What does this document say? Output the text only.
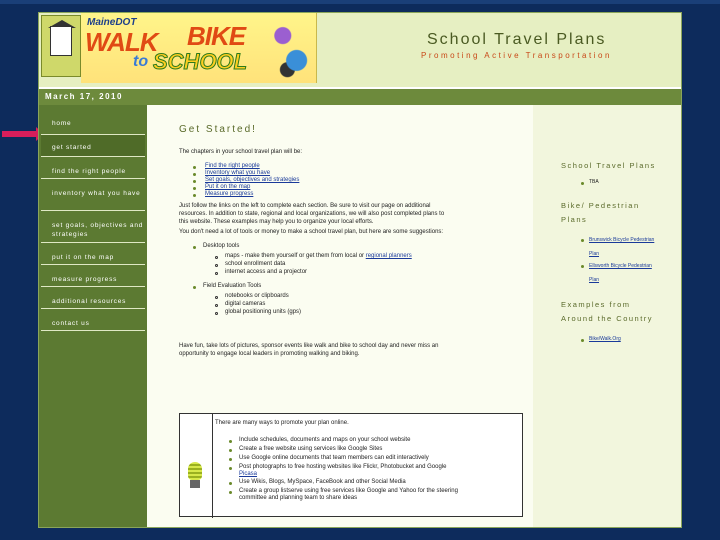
MaineDOT
WALK BIKE
to SCHOOL
School Travel Plans
Promoting Active Transportation
March 17, 2010
home
get started
find the right people
inventory what you have
set goals, objectives and strategies
put it on the map
measure progress
additional resources
contact us
Get Started!
The chapters in your school travel plan will be:
Find the right people
Inventory what you have
Set goals, objectives and strategies
Put it on the map
Measure progress
Just follow the links on the left to complete each section. Be sure to visit our page on additional
resources. In addition to state, regional and local organizations, we will also post completed plans to
this website. These examples may help you to organize your local efforts.
You don't need a lot of tools or money to make a school travel plan, but here are some suggestions:
Desktop tools
maps - make them yourself or get them from local or regional planners
school enrollment data
internet access and a projector
Field Evaluation Tools
notebooks or clipboards
digital cameras
global positioning units (gps)
Have fun, take lots of pictures, sponsor events like walk and bike to school day and never miss an
opportunity to engage local leaders in promoting walking and biking.
There are many ways to promote your plan online.
Include schedules, documents and maps on your school website
Create a free website using services like Google Sites
Use Google online documents that team members can edit interactively
Post photographs to free hosting websites like Flickr, Photobucket and Google
Picasa
Use Wikis, Blogs, MySpace, FaceBook and other Social Media
Create a group listserve using free services like Google and Yahoo for the steering
committee and planning team to share ideas
School Travel Plans
TBA
Bike/ Pedestrian
Plans
Brunswick Bicycle Pedestrian
Plan
Ellsworth Bicycle Pedestrian
Plan
Examples from
Around the Country
Bike/Walk.Org
